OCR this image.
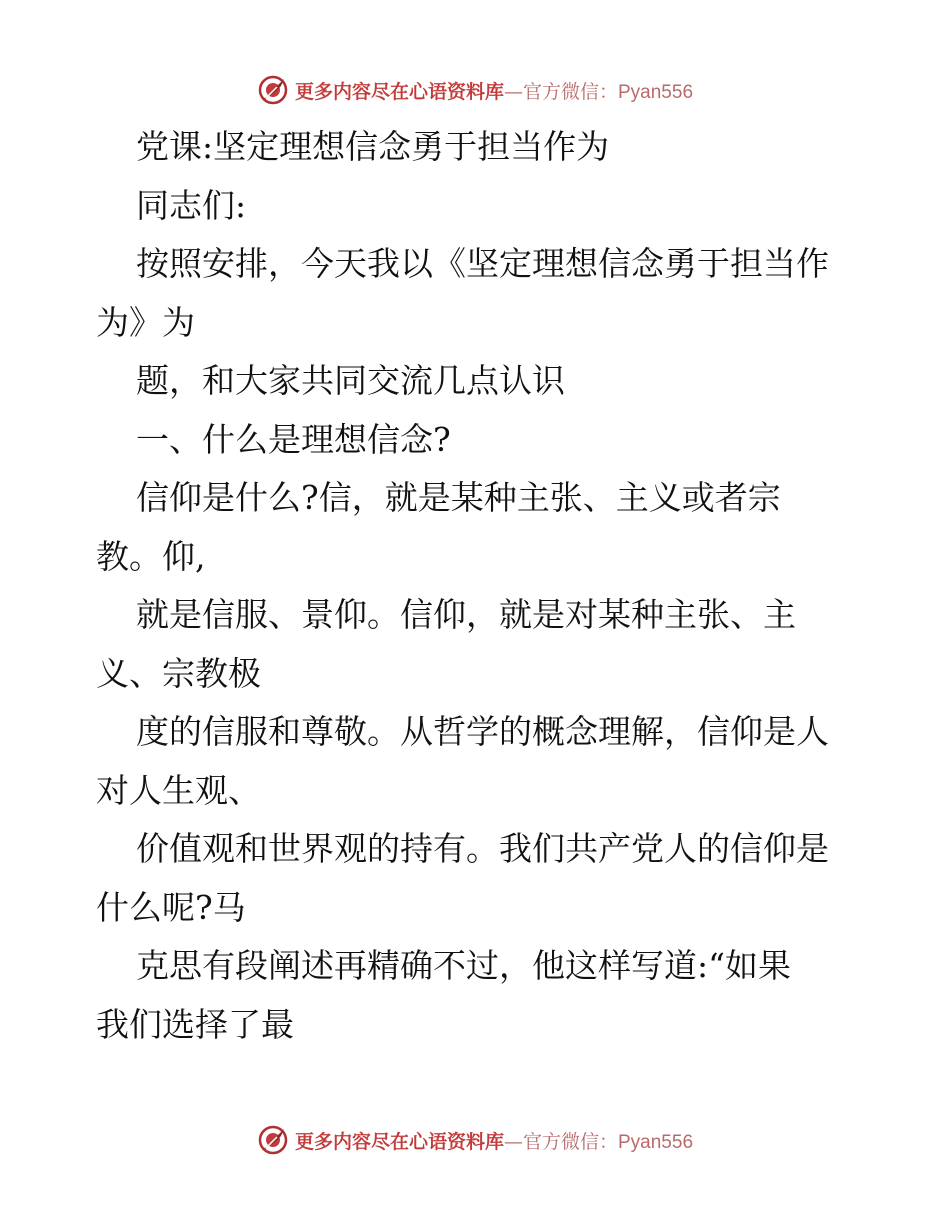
更多内容尽在心语资料库—官方微信：Pyan556

党课:坚定理想信念勇于担当作为

同志们:

按照安排，今天我以《坚定理想信念勇于担当作

为》为

题，和大家共同交流几点认识

一、什么是理想信念?

信仰是什么?信，就是某种主张、主义或者宗

教。仰,

就是信服、景仰。信仰，就是对某种主张、主

义、宗教极

度的信服和尊敬。从哲学的概念理解，信仰是人

对人生观、

价值观和世界观的持有。我们共产党人的信仰是

什么呢?马

克思有段阐述再精确不过，他这样写道:“如果

我们选择了最

更多内容尽在心语资料库—官方微信：Pyan556
